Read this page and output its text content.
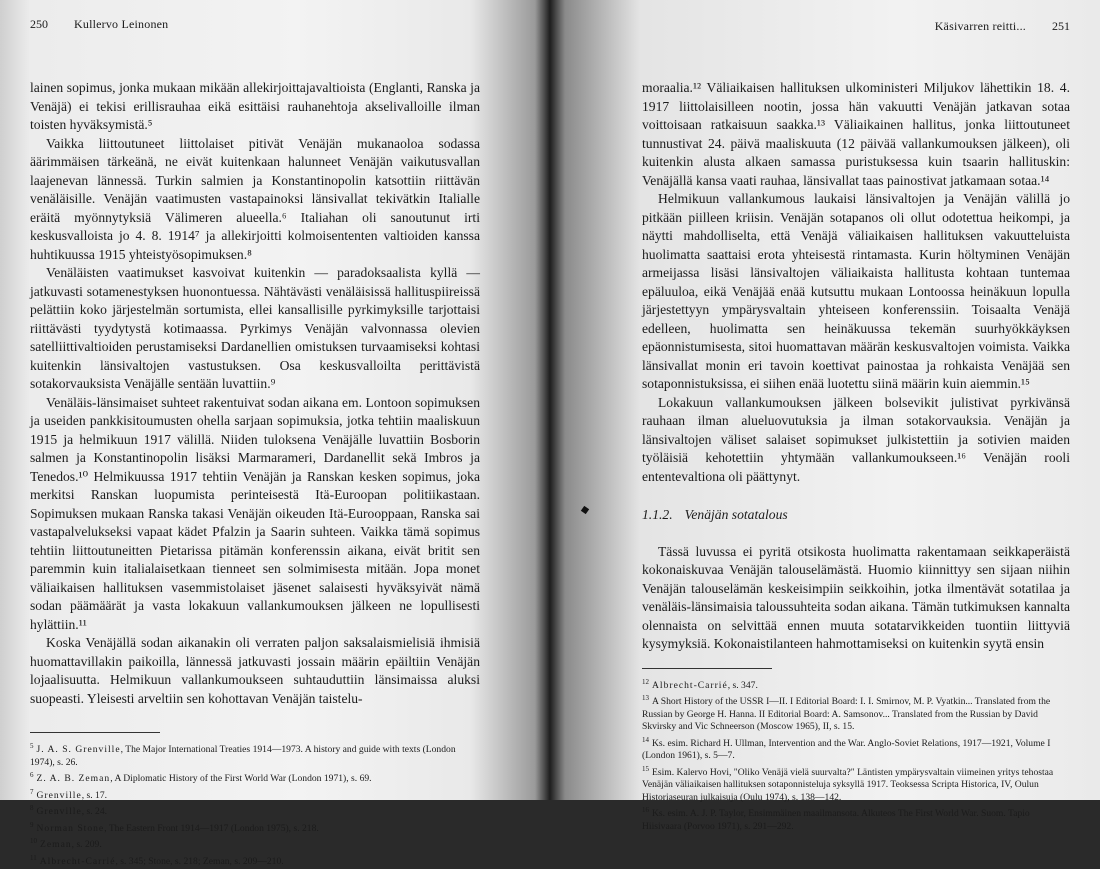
250 Kullervo Leinonen

lainen sopimus, jonka mukaan mikään allekirjoittajavaltioista (Englanti, Ranska ja Venäjä) ei tekisi erillisrauhaa eikä esittäisi rauhanehtoja akselivalloille ilman toisten hyväksymistä.⁵

Vaikka liittoutuneet liittolaiset pitivät Venäjän mukanaoloa sodassa äärimmäisen tärkeänä, ne eivät kuitenkaan halunneet Venäjän vaikutusvallan laajenevan lännessä. Turkin salmien ja Konstantinopolin katsottiin riittävän venäläisille. Venäjän vaatimusten vastapainoksi länsivallat tekivätkin Italialle eräitä myönnytyksiä Välimeren alueella.⁶ Italiahan oli sanoutunut irti keskusvalloista jo 4. 8. 1914⁷ ja allekirjoitti kolmoisententen valtioiden kanssa huhtikuussa 1915 yhteistyösopimuksen.⁸

Venäläisten vaatimukset kasvoivat kuitenkin — paradoksaalista kyllä — jatkuvasti sotamenestyksen huonontuessa. Nähtävästi venäläisissä hallituspiireissä pelättiin koko järjestelmän sortumista, ellei kansallisille pyrkimyksille tarjottaisi riittävästi tyydytystä kotimaassa. Pyrkimys Venäjän valvonnassa olevien satelliittivaltioiden perustamiseksi Dardanellien omistuksen turvaamiseksi kohtasi kuitenkin länsivaltojen vastustuksen. Osa keskusvalloilta perittävistä sotakorvauksista Venäjälle sentään luvattiin.⁹

Venäläis-länsimaiset suhteet rakentuivat sodan aikana em. Lontoon sopimuksen ja useiden pankkisitoumusten ohella sarjaan sopimuksia, jotka tehtiin maaliskuun 1915 ja helmikuun 1917 välillä. Niiden tuloksena Venäjälle luvattiin Bosborin salmen ja Konstantinopolin lisäksi Marmarameri, Dardanellit sekä Imbros ja Tenedos.¹⁰ Helmikuussa 1917 tehtiin Venäjän ja Ranskan kesken sopimus, joka merkitsi Ranskan luopumista perinteisestä Itä-Euroopan politiikastaan. Sopimuksen mukaan Ranska takasi Venäjän oikeuden Itä-Eurooppaan, Ranska sai vastapalvelukseksi vapaat kädet Pfalzin ja Saarin suhteen. Vaikka tämä sopimus tehtiin liittoutuneitten Pietarissa pitämän konferenssin aikana, eivät britit sen paremmin kuin italialaisetkaan tienneet sen solmimisesta mitään. Jopa monet väliaikaisen hallituksen vasemmistolaiset jäsenet salaisesti hyväksyivät nämä sodan päämäärät ja vasta lokakuun vallankumouksen jälkeen ne lopullisesti hylättiin.¹¹

Koska Venäjällä sodan aikanakin oli verraten paljon saksalaismielisiä ihmisiä huomattavillakin paikoilla, lännessä jatkuvasti jossain määrin epäiltiin Venäjän lojaalisuutta. Helmikuun vallankumoukseen suhtauduttiin länsimaissa aluksi suopeasti. Yleisesti arveltiin sen kohottavan Venäjän taistelu-

$^5$ J. A. S. Grenville, The Major International Treaties 1914—1973. A history and guide with texts (London 1974), s. 26.

$^6$ Z. A. B. Zeman, A Diplomatic History of the First World War (London 1971), s. 69.

$^7$ Grenville, s. 17.

$^8$ Grenville, s. 24.

$^9$ Norman Stone, The Eastern Front 1914—1917 (London 1975), s. 218.

$^{10}$ Zeman, s. 209.

$^{11}$ Albrecht-Carrié, s. 345; Stone, s. 218; Zeman, s. 209—210.

Käsivarren reitti... 251

moraalia.¹² Väliaikaisen hallituksen ulkoministeri Miljukov lähettikin 18. 4. 1917 liittolaisilleen nootin, jossa hän vakuutti Venäjän jatkavan sotaa voittoisaan ratkaisuun saakka.¹³ Väliaikainen hallitus, jonka liittoutuneet tunnustivat 24. päivä maaliskuuta (12 päivää vallankumouksen jälkeen), oli kuitenkin alusta alkaen samassa puristuksessa kuin tsaarin hallituskin: Venäjällä kansa vaati rauhaa, länsivallat taas painostivat jatkamaan sotaa.¹⁴

Helmikuun vallankumous laukaisi länsivaltojen ja Venäjän välillä jo pitkään piilleen kriisin. Venäjän sotapanos oli ollut odotettua heikompi, ja näytti mahdolliselta, että Venäjä väliaikaisen hallituksen vakuutteluista huolimatta saattaisi erota yhteisestä rintamasta. Kurin höltyminen Venäjän armeijassa lisäsi länsivaltojen väliaikaista hallitusta kohtaan tuntemaa epäluuloa, eikä Venäjää enää kutsuttu mukaan Lontoossa heinäkuun lopulla järjestettyyn ympärysvaltain yhteiseen konferenssiin. Toisaalta Venäjä edelleen, huolimatta sen heinäkuussa tekemän suurhyökkäyksen epäonnistumisesta, sitoi huomattavan määrän keskusvaltojen voimista. Vaikka länsivallat monin eri tavoin koettivat painostaa ja rohkaista Venäjää sen sotaponnistuksissa, ei siihen enää luotettu siinä määrin kuin aiemmin.¹⁵

Lokakuun vallankumouksen jälkeen bolsevikit julistivat pyrkivänsä rauhaan ilman alueluovutuksia ja ilman sotakorvauksia. Venäjän ja länsivaltojen väliset salaiset sopimukset julkistettiin ja sotivien maiden työläisiä kehotettiin yhtymään vallankumoukseen.¹⁶ Venäjän rooli ententevaltiona oli päättynyt.

1.1.2. Venäjän sotatalous

Tässä luvussa ei pyritä otsikosta huolimatta rakentamaan seikkaperäistä kokonaiskuvaa Venäjän talouselämästä. Huomio kiinnittyy sen sijaan niihin Venäjän talouselämän keskeisimpiin seikkoihin, jotka ilmentävät sotatilaa ja venäläis-länsimaisia taloussuhteita sodan aikana. Tämän tutkimuksen kannalta olennaista on selvittää ennen muuta sotatarvikkeiden tuontiin liittyviä kysymyksiä. Kokonaistilanteen hahmottamiseksi on kuitenkin syytä ensin

$^{12}$ Albrecht-Carrié, s. 347.

$^{13}$ A Short History of the USSR I—II. I Editorial Board: I. I. Smirnov, M. P. Vyatkin... Translated from the Russian by George H. Hanna. II Editorial Board: A. Samsonov... Translated from the Russian by David Skvirsky and Vic Schneerson (Moscow 1965), II, s. 15.

$^{14}$ Ks. esim. Richard H. Ullman, Intervention and the War. Anglo-Soviet Relations, 1917—1921, Volume I (London 1961), s. 5—7.

$^{15}$ Esim. Kalervo Hovi, "Oliko Venäjä vielä suurvalta?" Läntisten ympärysvaltain viimeinen yritys tehostaa Venäjän väliaikaisen hallituksen sotaponnisteluja syksyllä 1917. Teoksessa Scripta Historica, IV, Oulun Historiaseuran julkaisuja (Oulu 1974), s. 138—142.

$^{16}$ Ks. esim. A. J. P. Taylor, Ensimmäinen maailmansota. Alkuteos The First World War. Suom. Tapio Hiisivaara (Porvoo 1971), s. 291—292.
